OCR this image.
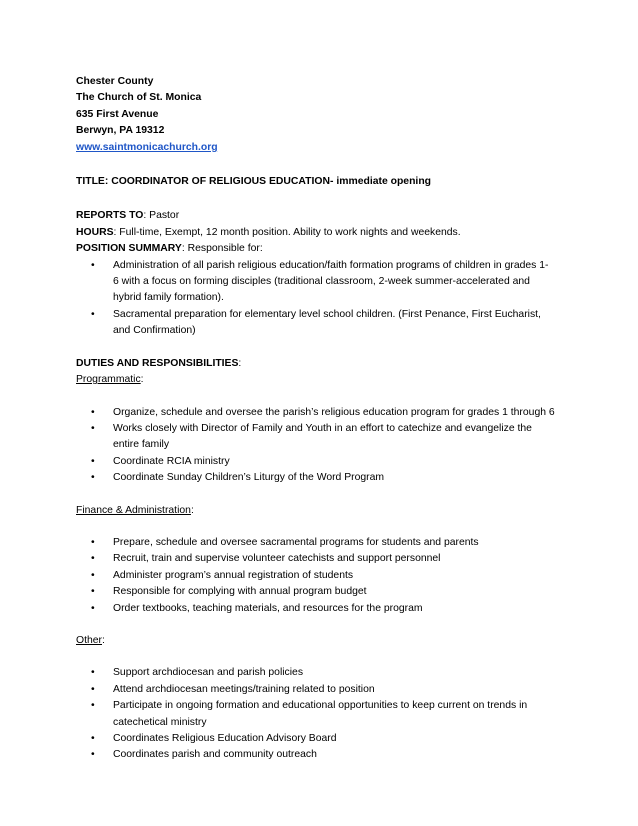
Chester County
The Church of St. Monica
635 First Avenue
Berwyn, PA 19312
www.saintmonicachurch.org
TITLE: COORDINATOR OF RELIGIOUS EDUCATION- immediate opening
REPORTS TO: Pastor
HOURS: Full-time, Exempt, 12 month position. Ability to work nights and weekends.
POSITION SUMMARY: Responsible for:
• Administration of all parish religious education/faith formation programs of children in grades 1-
6 with a focus on forming disciples (traditional classroom, 2-week summer-accelerated and
hybrid family formation).
• Sacramental preparation for elementary level school children. (First Penance, First Eucharist,
and Confirmation)
DUTIES AND RESPONSIBILITIES:
Programmatic:
• Organize, schedule and oversee the parish’s religious education program for grades 1 through 6
• Works closely with Director of Family and Youth in an effort to catechize and evangelize the
entire family
• Coordinate RCIA ministry
• Coordinate Sunday Children’s Liturgy of the Word Program
Finance & Administration:
• Prepare, schedule and oversee sacramental programs for students and parents
• Recruit, train and supervise volunteer catechists and support personnel
• Administer program’s annual registration of students
• Responsible for complying with annual program budget
• Order textbooks, teaching materials, and resources for the program
Other:
• Support archdiocesan and parish policies
• Attend archdiocesan meetings/training related to position
• Participate in ongoing formation and educational opportunities to keep current on trends in
catechetical ministry
• Coordinates Religious Education Advisory Board
• Coordinates parish and community outreach
